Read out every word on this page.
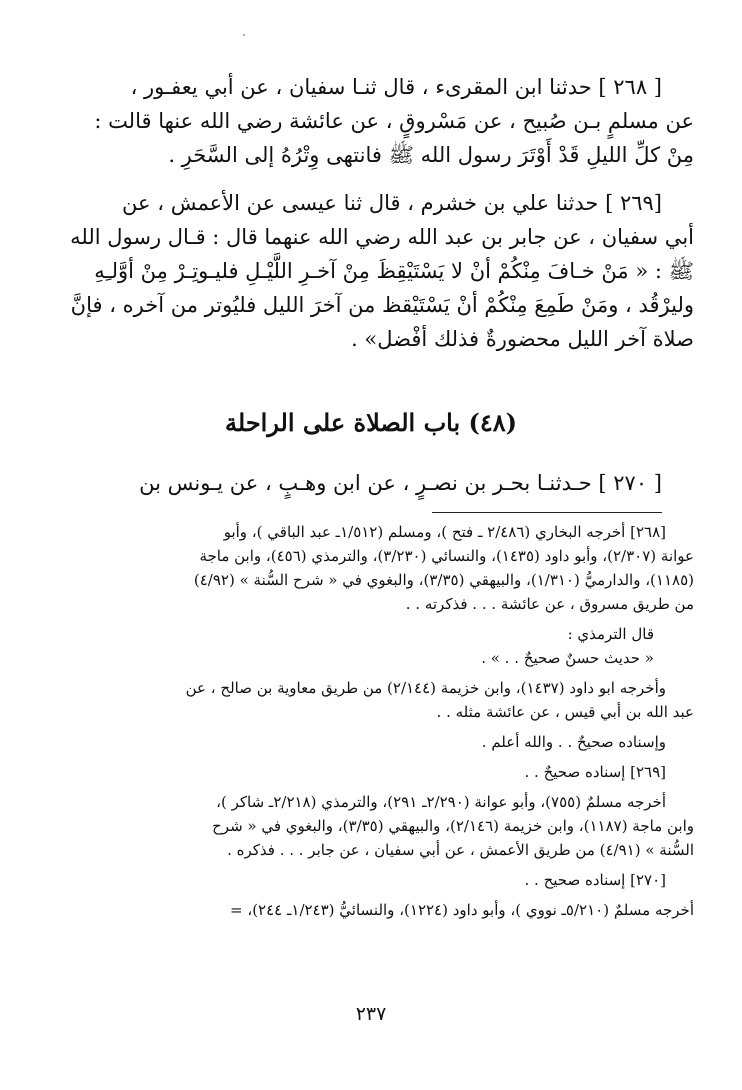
[ ٢٦٨ ] حدثنا ابن المقرىء ، قال ثنـا سفيان ، عن أبي يعفـور ،

عن مسلمٍ بـن صُبيح ، عن مَسْروقٍ ، عن عائشة رضي الله عنها قالت :

مِنْ كلِّ الليلِ قَدْ أَوْتَرَ رسول الله ﷺ فانتهى وِتْرُهُ إلى السَّحَرِ .

[٢٦٩ ] حدثنا علي بن خشرم ، قال ثنا عيسى عن الأعمش ، عن

أبي سفيان ، عن جابر بن عبد الله رضي الله عنهما قال : قـال رسول الله

ﷺ : « مَنْ خـافَ مِنْكُمْ أنْ لا يَسْتَيْقِظَ مِنْ آخـرِ اللَّيْـلِ فليـوتِـرْ مِنْ أوَّلـِهِ

وليرْقُد ، ومَنْ طَمِعَ مِنْكُمْ أنْ يَسْتَيْقظ من آخرَ الليل فليُوتر من آخره ، فإنَّ

صلاة آخر الليل محضورةٌ فذلك أفْضل» .

(٤٨) باب الصلاة على الراحلة
[ ٢٧٠ ] حـدثنـا بحـر بن نصـرٍ ، عن ابن وهـبٍ ، عن يـونس بن

[٢٦٨] أخرجه البخاري (٢/٤٨٦ ـ فتح )، ومسلم (١/٥١٢ـ عبد الباقي )، وأبو

عوانة (٢/٣٠٧)، وأبو داود (١٤٣٥)، والنسائي (٣/٢٣٠)، والترمذي (٤٥٦)، وابن ماجة

(١١٨٥)، والدارميُّ (١/٣١٠)، والبيهقي (٣/٣٥)، والبغوي في « شرح السُّنة » (٤/٩٢)

من طريق مسروق ، عن عائشة . . . فذكرته . .

قال الترمذي :

« حديث حسنٌ صحيحٌ . . » .

وأخرجه ابو داود (١٤٣٧)، وابن خزيمة (٢/١٤٤) من طريق معاوية بن صالح ، عن

عبد الله بن أبي قيس ، عن عائشة مثله . .

وإسناده صحيحٌ . . والله أعلم .

[٢٦٩] إسناده صحيحٌ . .

أخرجه مسلمٌ (٧٥٥)، وأبو عوانة (٢/٢٩٠ـ ٢٩١)، والترمذي (٢/٢١٨ـ شاكر )،

وابن ماجة (١١٨٧)، وابن خزيمة (٢/١٤٦)، والبيهقي (٣/٣٥)، والبغوي في « شرح

السُّنة » (٤/٩١) من طريق الأعمش ، عن أبي سفيان ، عن جابر . . . فذكره .

[٢٧٠] إسناده صحيح . .

أخرجه مسلمٌ (٥/٢١٠ـ نووي )، وأبو داود (١٢٢٤)، والنسائيُّ (١/٢٤٣ـ ٢٤٤)، =

٢٣٧
